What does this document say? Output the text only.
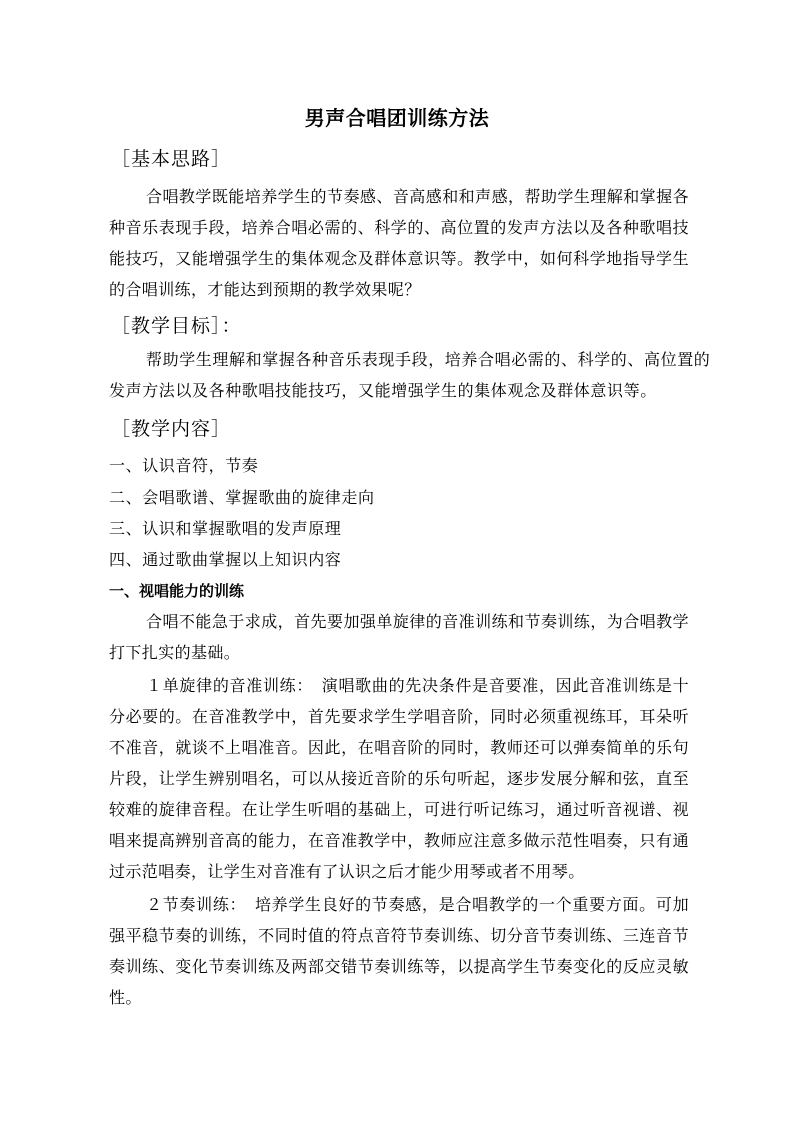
男声合唱团训练方法
［基本思路］
合唱教学既能培养学生的节奏感、音高感和和声感，帮助学生理解和掌握各种音乐表现手段，培养合唱必需的、科学的、高位置的发声方法以及各种歌唱技能技巧，又能增强学生的集体观念及群体意识等。教学中，如何科学地指导学生的合唱训练，才能达到预期的教学效果呢？
［教学目标］：
帮助学生理解和掌握各种音乐表现手段，培养合唱必需的、科学的、高位置的
发声方法以及各种歌唱技能技巧，又能增强学生的集体观念及群体意识等。
［教学内容］
一、认识音符，节奏
二、会唱歌谱、掌握歌曲的旋律走向
三、认识和掌握歌唱的发声原理
四、通过歌曲掌握以上知识内容
一、视唱能力的训练
合唱不能急于求成，首先要加强单旋律的音准训练和节奏训练，为合唱教学打下扎实的基础。
１单旋律的音准训练：　演唱歌曲的先决条件是音要准，因此音准训练是十分必要的。在音准教学中，首先要求学生学唱音阶，同时必须重视练耳，耳朵听不准音，就谈不上唱准音。因此，在唱音阶的同时，教师还可以弹奏简单的乐句片段，让学生辨别唱名，可以从接近音阶的乐句听起，逐步发展分解和弦，直至较难的旋律音程。在让学生听唱的基础上，可进行听记练习，通过听音视谱、视唱来提高辨别音高的能力，在音准教学中，教师应注意多做示范性唱奏，只有通过示范唱奏，让学生对音准有了认识之后才能少用琴或者不用琴。
２节奏训练：　培养学生良好的节奏感，是合唱教学的一个重要方面。可加强平稳节奏的训练，不同时值的符点音符节奏训练、切分音节奏训练、三连音节奏训练、变化节奏训练及两部交错节奏训练等，以提高学生节奏变化的反应灵敏性。
